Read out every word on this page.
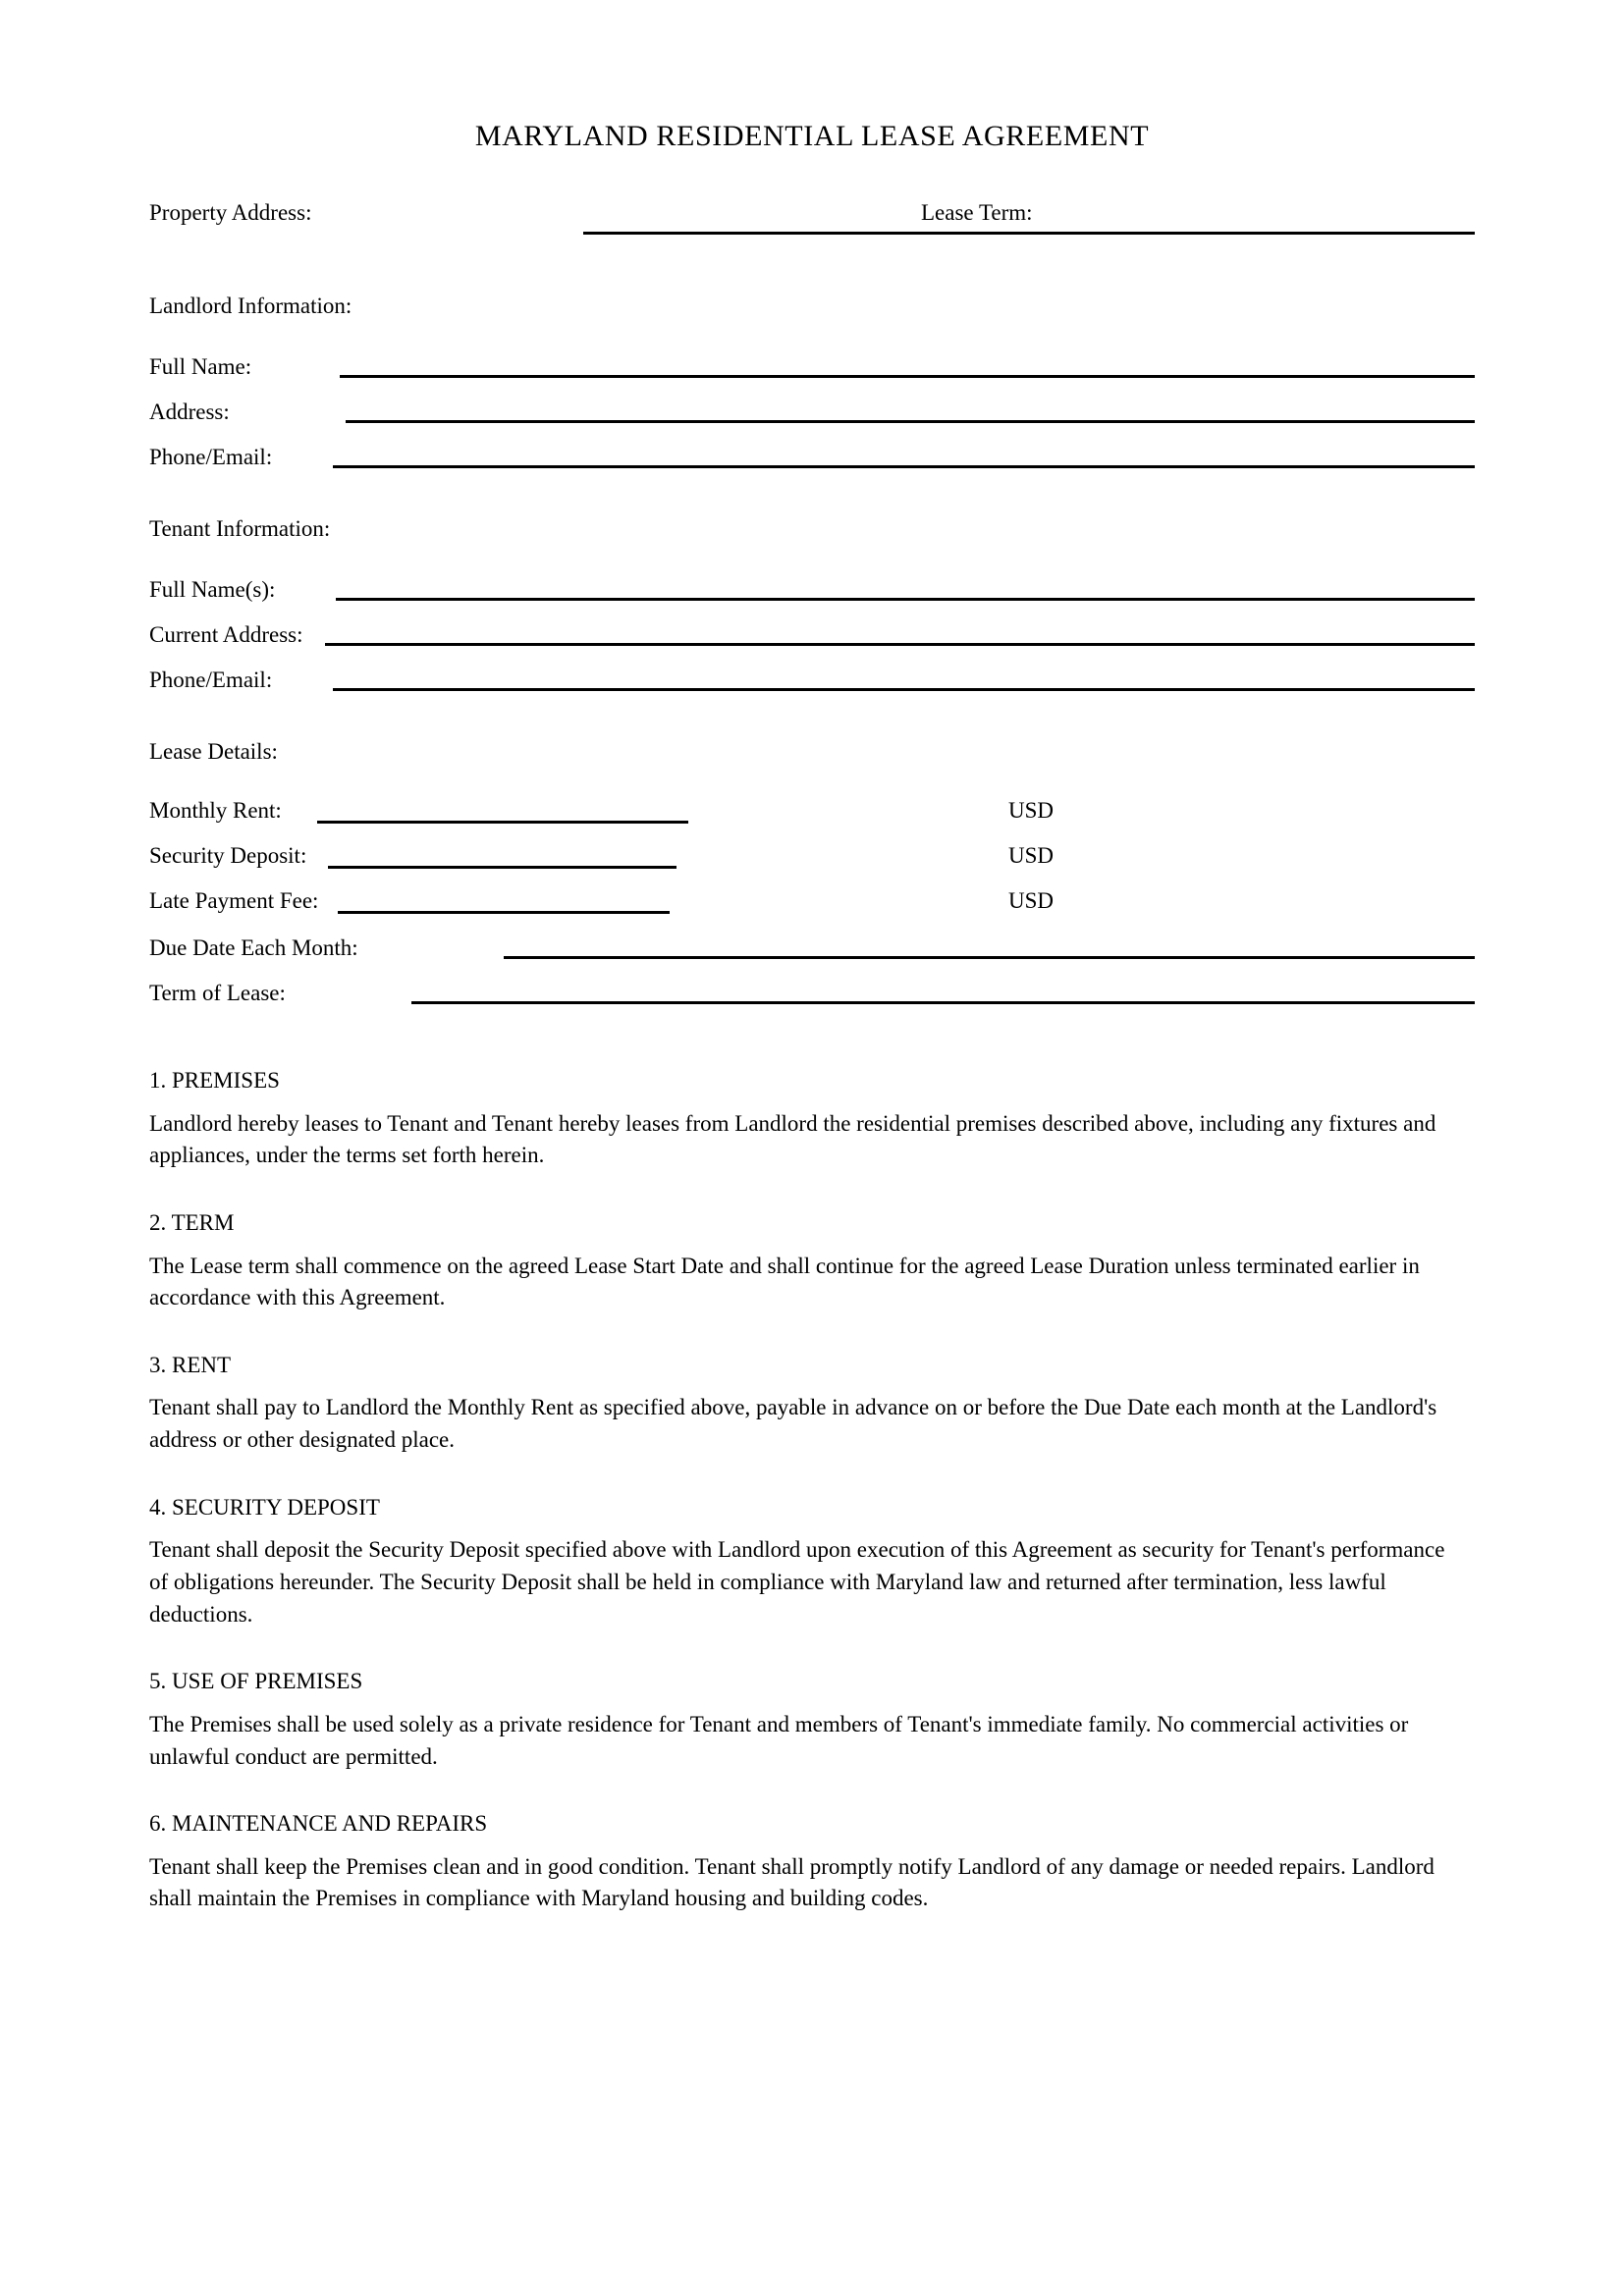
MARYLAND RESIDENTIAL LEASE AGREEMENT
Property Address:	Lease Term:
Landlord Information:
Full Name:
Address:
Phone/Email:
Tenant Information:
Full Name(s):
Current Address:
Phone/Email:
Lease Details:
Monthly Rent:	USD
Security Deposit:	USD
Late Payment Fee:	USD
Due Date Each Month:
Term of Lease:

1. PREMISES

Landlord hereby leases to Tenant and Tenant hereby leases from Landlord the residential premises described above, including any fixtures and appliances, under the terms set forth herein.

2. TERM

The Lease term shall commence on the agreed Lease Start Date and shall continue for the agreed Lease Duration unless terminated earlier in accordance with this Agreement.

3. RENT

Tenant shall pay to Landlord the Monthly Rent as specified above, payable in advance on or before the Due Date each month at the Landlord's address or other designated place.

4. SECURITY DEPOSIT

Tenant shall deposit the Security Deposit specified above with Landlord upon execution of this Agreement as security for Tenant's performance of obligations hereunder. The Security Deposit shall be held in compliance with Maryland law and returned after termination, less lawful deductions.

5. USE OF PREMISES

The Premises shall be used solely as a private residence for Tenant and members of Tenant's immediate family. No commercial activities or unlawful conduct are permitted.

6. MAINTENANCE AND REPAIRS

Tenant shall keep the Premises clean and in good condition. Tenant shall promptly notify Landlord of any damage or needed repairs. Landlord shall maintain the Premises in compliance with Maryland housing and building codes.
